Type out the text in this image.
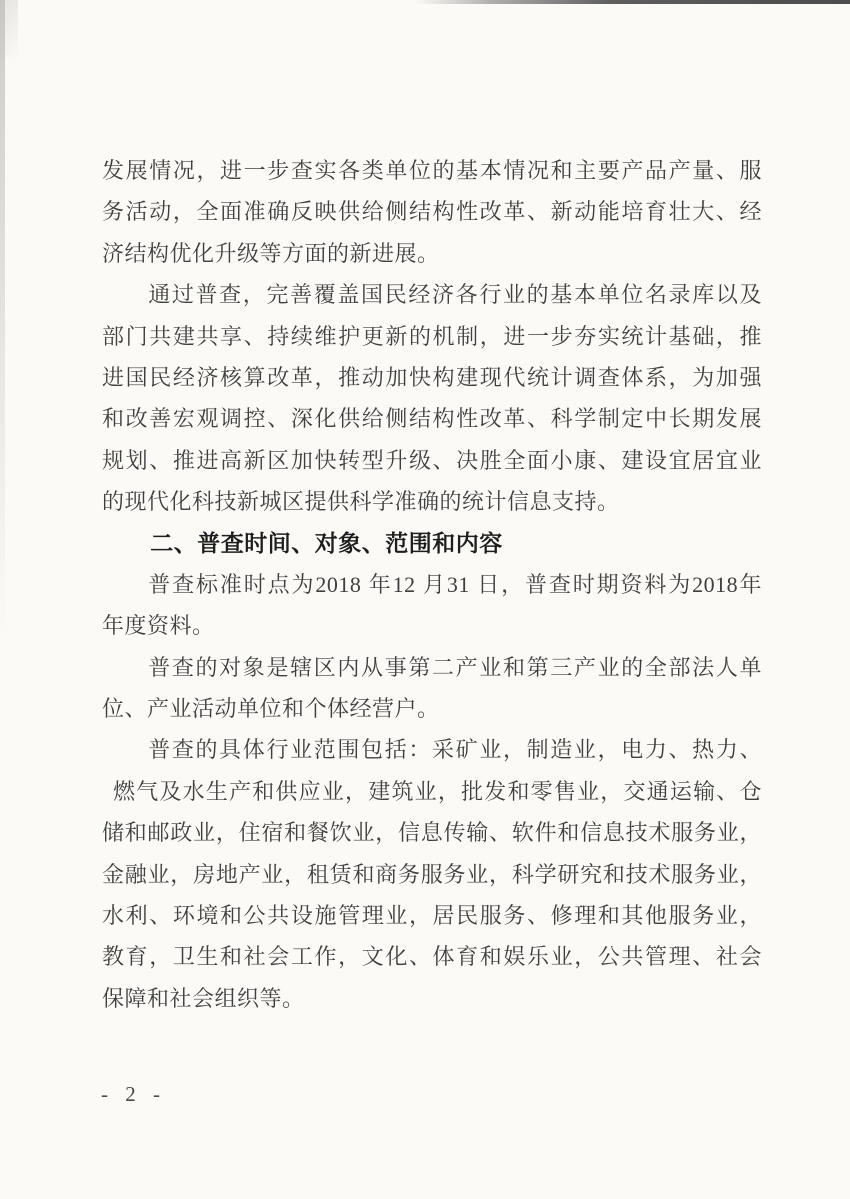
发展情况，进一步查实各类单位的基本情况和主要产品产量、服
务活动，全面准确反映供给侧结构性改革、新动能培育壮大、经
济结构优化升级等方面的新进展。
通过普查，完善覆盖国民经济各行业的基本单位名录库以及
部门共建共享、持续维护更新的机制，进一步夯实统计基础，推
进国民经济核算改革，推动加快构建现代统计调查体系，为加强
和改善宏观调控、深化供给侧结构性改革、科学制定中长期发展
规划、推进高新区加快转型升级、决胜全面小康、建设宜居宜业
的现代化科技新城区提供科学准确的统计信息支持。
二、普查时间、对象、范围和内容
普查标准时点为2018 年12 月31 日，普查时期资料为2018年
年度资料。
普查的对象是辖区内从事第二产业和第三产业的全部法人单
位、产业活动单位和个体经营户。
普查的具体行业范围包括：采矿业，制造业，电力、热力、
燃气及水生产和供应业，建筑业，批发和零售业，交通运输、仓
储和邮政业，住宿和餐饮业，信息传输、软件和信息技术服务业，
金融业，房地产业，租赁和商务服务业，科学研究和技术服务业，
水利、环境和公共设施管理业，居民服务、修理和其他服务业，
教育，卫生和社会工作，文化、体育和娱乐业，公共管理、社会
保障和社会组织等。
- 2 -
